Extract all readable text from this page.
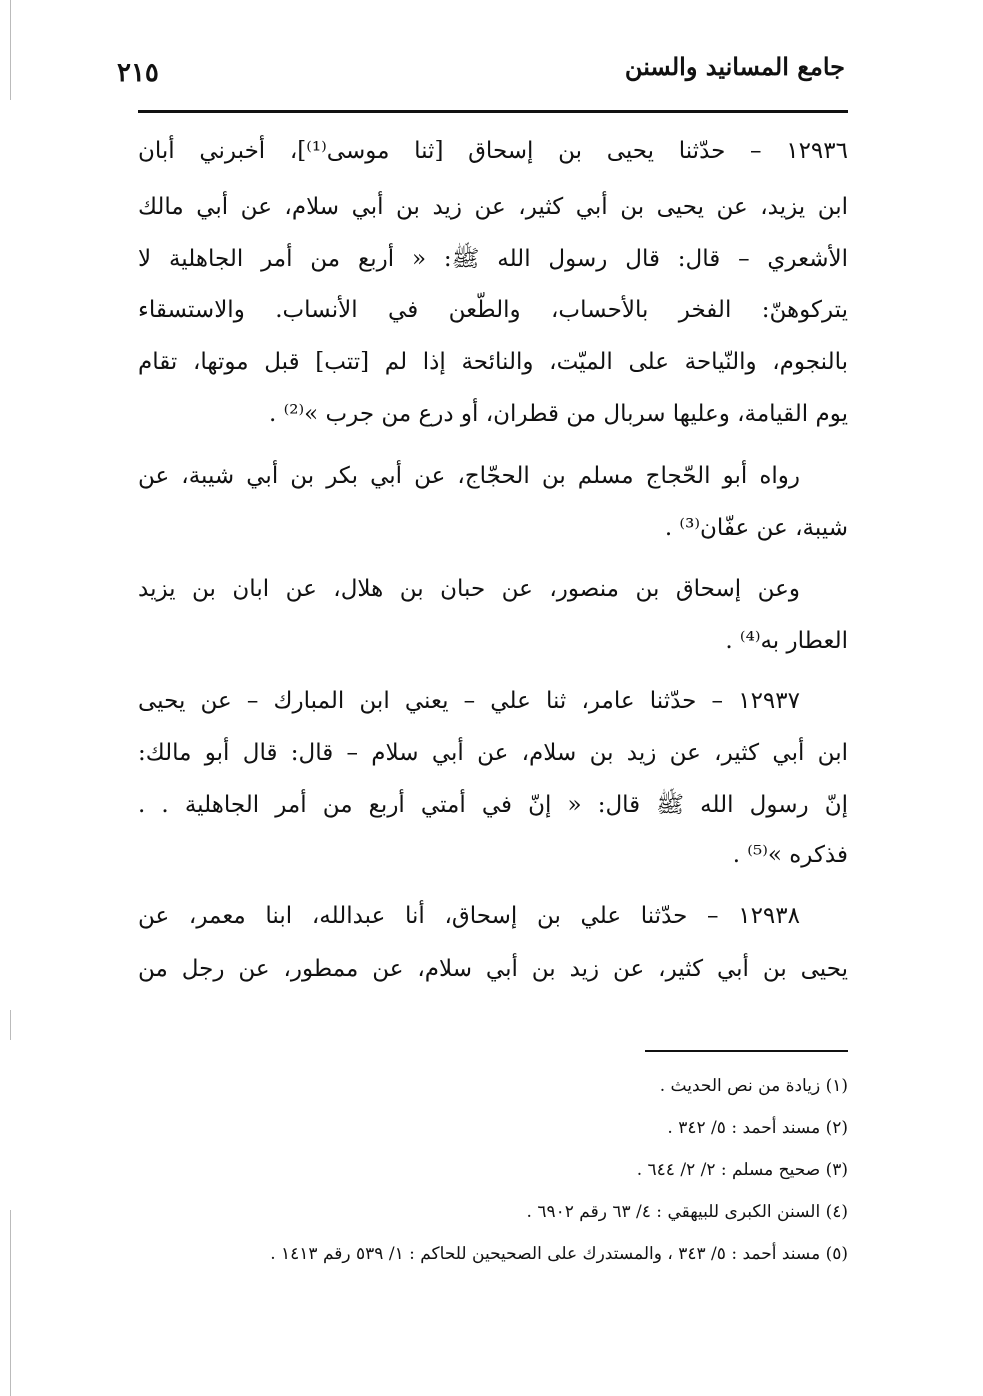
جامع المسانيد والسنن
٢١٥
١٢٩٣٦ – حدّثنا يحيى بن إسحاق [ثنا موسى⁽¹⁾]، أخبرني أبان
ابن يزيد، عن يحيى بن أبي كثير، عن زيد بن أبي سلام، عن أبي مالك
الأشعري – قال: قال رسول الله ﷺ: « أربع من أمر الجاهلية لا
يتركوهنّ: الفخر بالأحساب، والطّعن في الأنساب. والاستسقاء
بالنجوم، والنّياحة على الميّت، والنائحة إذا لم [تتب] قبل موتها، تقام
يوم القيامة، وعليها سربال من قطران، أو درع من جرب »⁽²⁾ .
رواه أبو الحّجاج مسلم بن الحجّاج، عن أبي بكر بن أبي شيبة، عن
شيبة، عن عفّان⁽³⁾ .
وعن إسحاق بن منصور، عن حبان بن هلال، عن ابان بن يزيد
العطار به⁽⁴⁾ .
١٢٩٣٧ – حدّثنا عامر، ثنا علي – يعني ابن المبارك – عن يحيى
ابن أبي كثير، عن زيد بن سلام، عن أبي سلام – قال: قال أبو مالك:
إنّ رسول الله ﷺ قال: « إنّ في أمتي أربع من أمر الجاهلية . .
فذكره »⁽⁵⁾ .
١٢٩٣٨ – حدّثنا علي بن إسحاق، أنا عبدالله، ابنا معمر، عن
يحيى بن أبي كثير، عن زيد بن أبي سلام، عن ممطور، عن رجل من
(١) زيادة من نص الحديث .
(٢) مسند أحمد : ٥/ ٣٤٢ .
(٣) صحيح مسلم : ٢/ ٢/ ٦٤٤ .
(٤) السنن الكبرى للبيهقي : ٤/ ٦٣ رقم ٦٩٠٢ .
(٥) مسند أحمد : ٥/ ٣٤٣ ، والمستدرك على الصحيحين للحاكم : ١/ ٥٣٩ رقم ١٤١٣ .
